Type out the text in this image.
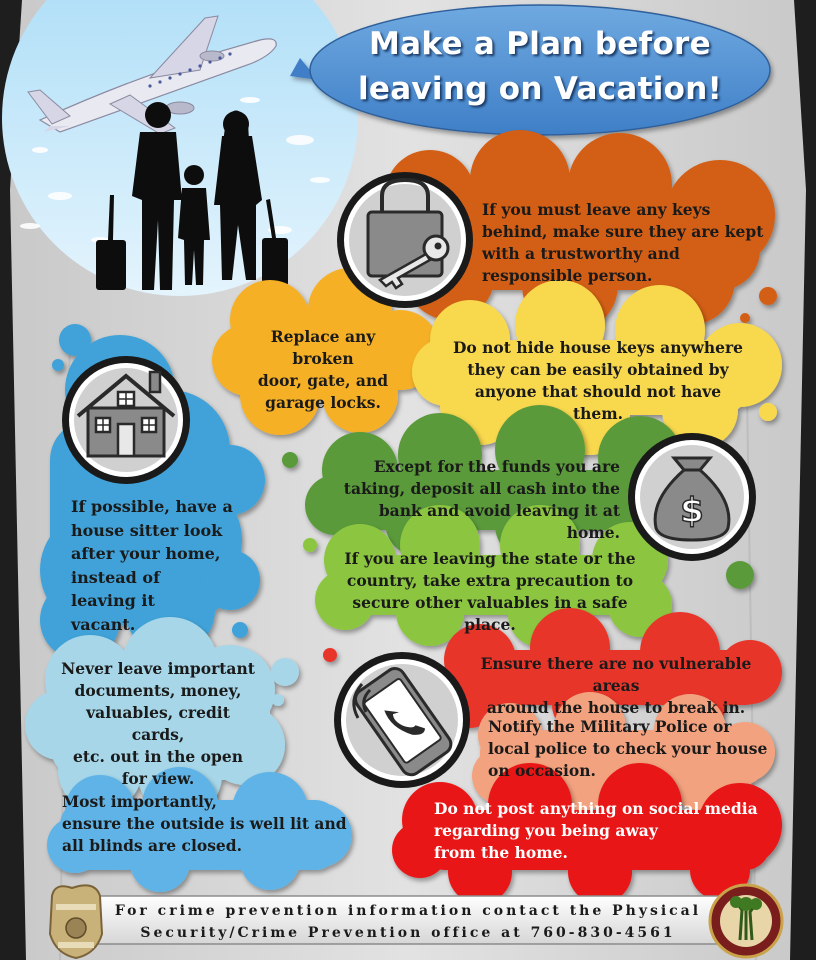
$
Make a Plan before
leaving on Vacation!
If you must leave any keys
behind, make sure they are kept
with a trustworthy and
responsible person.
Replace any broken
door, gate, and
garage locks.
Do not hide house keys anywhere
they can be easily obtained by
anyone that should not have them.
If possible, have a
house sitter look
after your home,
instead of
leaving it
vacant.
Except for the funds you are
taking, deposit all cash into the
bank and avoid leaving it at home.
If you are leaving the state or the
country, take extra precaution to
secure other valuables in a safe place.
Never leave important
documents, money,
valuables, credit cards,
etc. out in the open
for view.
Ensure there are no vulnerable areas
around the house to break in.
Notify the Military Police or
local police to check your house
on occasion.
Most importantly,
ensure the outside is well lit and
all blinds are closed.
Do not post anything on social media
regarding you being away
from the home.
For crime prevention information contact the Physical
Security/Crime Prevention office at 760-830-4561
